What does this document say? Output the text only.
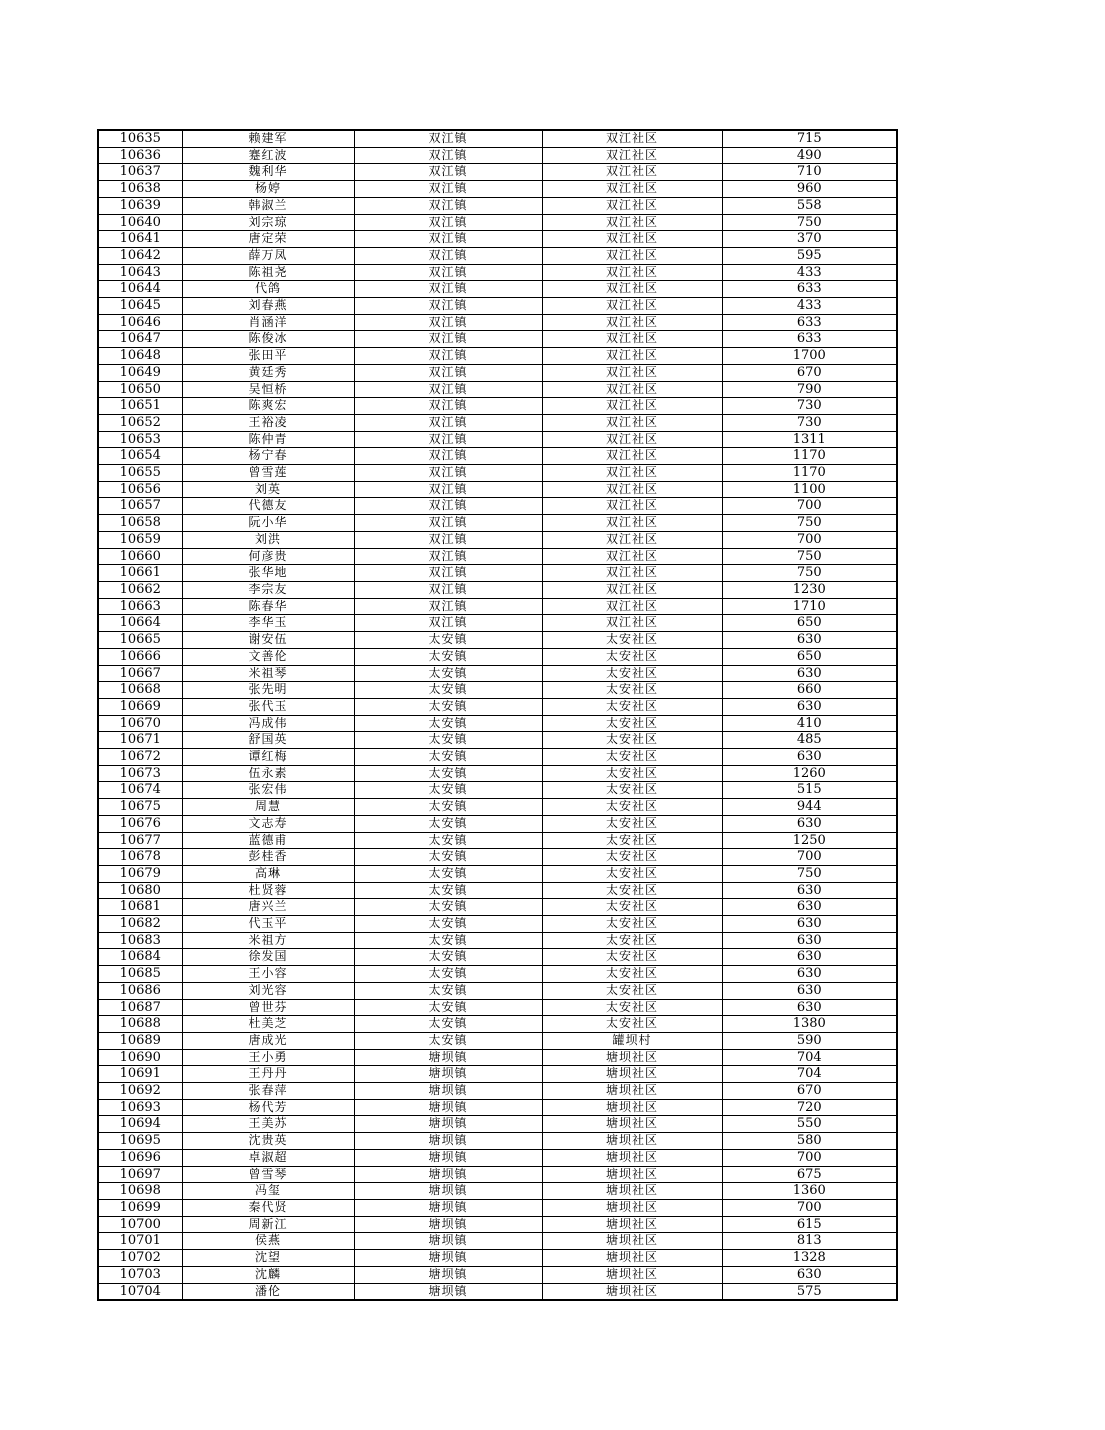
10635	赖建军	双江镇	双江社区	715
10636	蹇红波	双江镇	双江社区	490
10637	魏利华	双江镇	双江社区	710
10638	杨婷	双江镇	双江社区	960
10639	韩淑兰	双江镇	双江社区	558
10640	刘宗琼	双江镇	双江社区	750
10641	唐定荣	双江镇	双江社区	370
10642	薛万凤	双江镇	双江社区	595
10643	陈祖尧	双江镇	双江社区	433
10644	代鸽	双江镇	双江社区	633
10645	刘春燕	双江镇	双江社区	433
10646	肖涵洋	双江镇	双江社区	633
10647	陈俊冰	双江镇	双江社区	633
10648	张田平	双江镇	双江社区	1700
10649	黄廷秀	双江镇	双江社区	670
10650	吴恒桥	双江镇	双江社区	790
10651	陈爽宏	双江镇	双江社区	730
10652	王裕凌	双江镇	双江社区	730
10653	陈仲青	双江镇	双江社区	1311
10654	杨宁春	双江镇	双江社区	1170
10655	曾雪莲	双江镇	双江社区	1170
10656	刘英	双江镇	双江社区	1100
10657	代德友	双江镇	双江社区	700
10658	阮小华	双江镇	双江社区	750
10659	刘洪	双江镇	双江社区	700
10660	何彦贵	双江镇	双江社区	750
10661	张华地	双江镇	双江社区	750
10662	李宗友	双江镇	双江社区	1230
10663	陈春华	双江镇	双江社区	1710
10664	李华玉	双江镇	双江社区	650
10665	谢安伍	太安镇	太安社区	630
10666	文善伦	太安镇	太安社区	650
10667	米祖琴	太安镇	太安社区	630
10668	张先明	太安镇	太安社区	660
10669	张代玉	太安镇	太安社区	630
10670	冯成伟	太安镇	太安社区	410
10671	舒国英	太安镇	太安社区	485
10672	谭红梅	太安镇	太安社区	630
10673	伍永素	太安镇	太安社区	1260
10674	张宏伟	太安镇	太安社区	515
10675	周慧	太安镇	太安社区	944
10676	文志寿	太安镇	太安社区	630
10677	蓝德甫	太安镇	太安社区	1250
10678	彭桂香	太安镇	太安社区	700
10679	高琳	太安镇	太安社区	750
10680	杜贤蓉	太安镇	太安社区	630
10681	唐兴兰	太安镇	太安社区	630
10682	代玉平	太安镇	太安社区	630
10683	米祖方	太安镇	太安社区	630
10684	徐发国	太安镇	太安社区	630
10685	王小容	太安镇	太安社区	630
10686	刘光容	太安镇	太安社区	630
10687	曾世芬	太安镇	太安社区	630
10688	杜美芝	太安镇	太安社区	1380
10689	唐成光	太安镇	罐坝村	590
10690	王小勇	塘坝镇	塘坝社区	704
10691	王丹丹	塘坝镇	塘坝社区	704
10692	张春萍	塘坝镇	塘坝社区	670
10693	杨代芳	塘坝镇	塘坝社区	720
10694	王美苏	塘坝镇	塘坝社区	550
10695	沈贵英	塘坝镇	塘坝社区	580
10696	卓淑超	塘坝镇	塘坝社区	700
10697	曾雪琴	塘坝镇	塘坝社区	675
10698	冯玺	塘坝镇	塘坝社区	1360
10699	秦代贤	塘坝镇	塘坝社区	700
10700	周新江	塘坝镇	塘坝社区	615
10701	侯燕	塘坝镇	塘坝社区	813
10702	沈望	塘坝镇	塘坝社区	1328
10703	沈麟	塘坝镇	塘坝社区	630
10704	潘伦	塘坝镇	塘坝社区	575
